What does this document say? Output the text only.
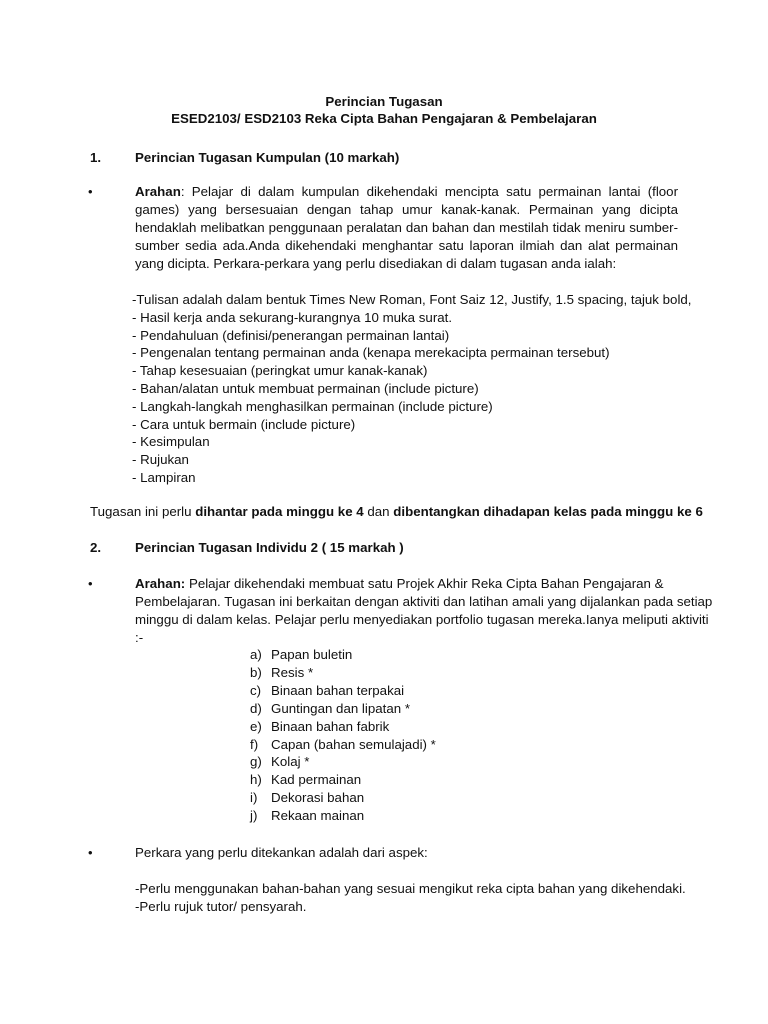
Perincian Tugasan
ESED2103/ ESD2103 Reka Cipta Bahan Pengajaran & Pembelajaran
1.	Perincian Tugasan Kumpulan (10 markah)
•	Arahan: Pelajar di dalam kumpulan dikehendaki mencipta satu permainan lantai (floor games) yang bersesuaian dengan tahap umur kanak-kanak. Permainan yang dicipta hendaklah melibatkan penggunaan peralatan dan bahan dan mestilah tidak meniru sumber-sumber sedia ada.Anda dikehendaki menghantar satu laporan ilmiah dan alat permainan yang dicipta. Perkara-perkara yang perlu disediakan di dalam tugasan anda ialah:
-Tulisan adalah dalam bentuk Times New Roman, Font Saiz 12, Justify, 1.5 spacing, tajuk bold,
- Hasil kerja anda sekurang-kurangnya 10 muka surat.
- Pendahuluan (definisi/penerangan permainan lantai)
- Pengenalan tentang permainan anda (kenapa merekacipta permainan tersebut)
- Tahap kesesuaian (peringkat umur kanak-kanak)
- Bahan/alatan untuk membuat permainan (include picture)
- Langkah-langkah menghasilkan permainan (include picture)
- Cara untuk bermain (include picture)
- Kesimpulan
- Rujukan
- Lampiran
Tugasan ini perlu dihantar pada minggu ke 4 dan dibentangkan dihadapan kelas pada minggu ke 6
2.	Perincian Tugasan Individu 2 ( 15 markah )
•	Arahan: Pelajar dikehendaki membuat satu Projek Akhir Reka Cipta Bahan Pengajaran &
Pembelajaran. Tugasan ini berkaitan dengan aktiviti dan latihan amali yang dijalankan pada setiap
minggu di dalam kelas. Pelajar perlu menyediakan portfolio tugasan mereka.Ianya meliputi aktiviti
:-
a) Papan buletin
b) Resis *
c) Binaan bahan terpakai
d) Guntingan dan lipatan *
e) Binaan bahan fabrik
f) Capan (bahan semulajadi) *
g) Kolaj *
h) Kad permainan
i) Dekorasi bahan
j) Rekaan mainan
•	Perkara yang perlu ditekankan adalah dari aspek:
-Perlu menggunakan bahan-bahan yang sesuai mengikut reka cipta bahan yang dikehendaki.
-Perlu rujuk tutor/ pensyarah.
